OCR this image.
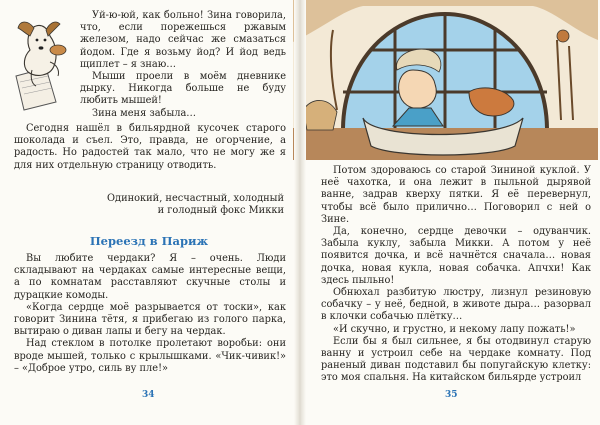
Уй-ю-юй, как больно! Зина говорила, что, если порежешься ржавым железом, надо сейчас же смазаться йодом. Где я возьму йод? И йод ведь щиплет – я знаю…

Мыши проели в моём дневнике дырку. Никогда больше не буду любить мышей!

Зина меня забыла…

Сегодня нашёл в бильярдной кусочек старого шоколада и съел. Это, правда, не огорчение, а радость. Но радостей так мало, что не могу же я для них отдельную страницу отводить.

Одинокий, несчастный, холодный

и голодный фокс Микки

Переезд в Париж

Вы любите чердаки? Я – очень. Люди складывают на чердаках самые интересные вещи, а по комнатам расставляют скучные столы и дурацкие комоды.

«Когда сердце моё разрывается от тоски», как говорит Зинина тётя, я прибегаю из голого парка, вытираю о диван лапы и бегу на чердак.

Над стеклом в потолке пролетают воробьи: они вроде мышей, только с крылышками. «Чик-чивик!» – «Доброе утро, силь ву пле!»

34

Потом здороваюсь со старой Зининой куклой. У неё чахотка, и она лежит в пыльной дырявой ванне, задрав кверху пятки. Я её перевернул, чтобы всё было прилично… Поговорил с ней о Зине.

Да, конечно, сердце девочки – одуванчик. Забыла куклу, забыла Микки. А потом у неё появится дочка, и всё начнётся сначала… новая дочка, новая кукла, новая собачка. Апчхи! Как здесь пыльно!

Обнюхал разбитую люстру, лизнул резиновую собачку – у неё, бедной, в животе дыра… разорвал в клочки собачью плётку…

«И скучно, и грустно, и некому лапу пожать!»

Если бы я был сильнее, я бы отодвинул старую ванну и устроил себе на чердаке комнату. Под раненый диван подставил бы попугайскую клетку: это моя спальня. На китайском бильярде устроил

35
